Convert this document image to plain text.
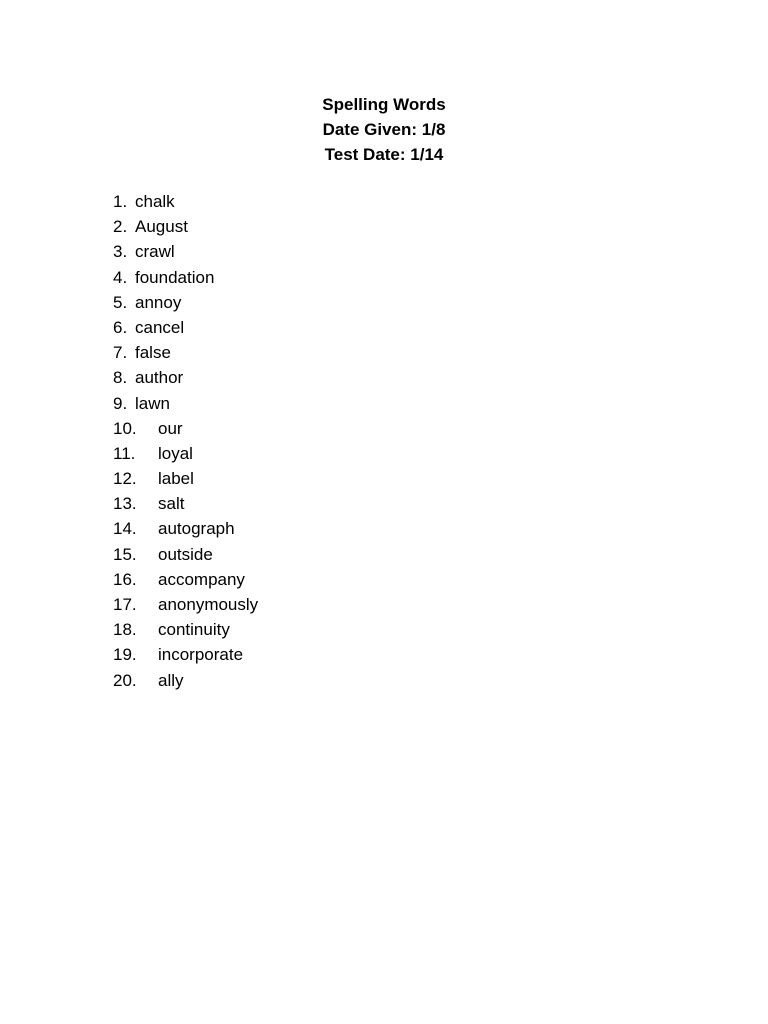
Spelling Words
Date Given: 1/8
Test Date: 1/14
1. chalk
2. August
3. crawl
4. foundation
5. annoy
6. cancel
7. false
8. author
9. lawn
10. our
11. loyal
12. label
13. salt
14. autograph
15. outside
16. accompany
17. anonymously
18. continuity
19. incorporate
20. ally
